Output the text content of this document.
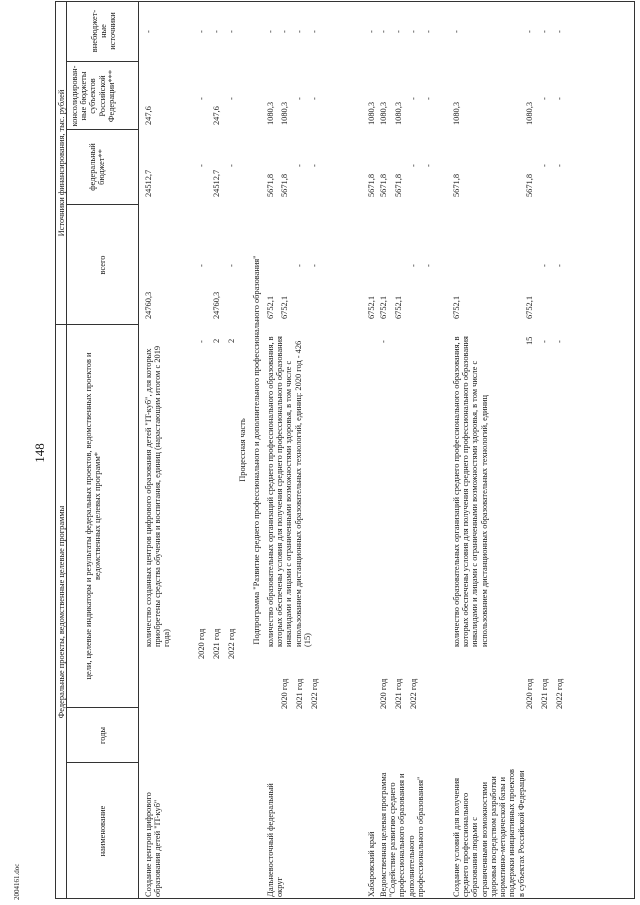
148
2004161.doc
Федеральные проекты, ведомственные целевые программы
Источники финансирования, тыс. рублей
наименование
годы
цели, целевые индикаторы и результаты федеральных проектов, ведомственных проектов и ведомственных целевых программ*
всего
федеральный бюджет**
консолидирован-ные бюджеты субъектов Российской Федерации***
внебюджет-ные источники
Создание центров цифрового образования детей "IT-куб"
количество созданных центров цифрового образования детей "IT-куб", для которых приобретены средства обучения и воспитания, единиц (нарастающим итогом с 2019 года)
24760,3
24512,7
247,6
-
2020 год 2021 год 2022 год
- 2 2
-
24760,3
-
-
24512,7
-
-
247,6
-
- - -
Процессная часть Подпрограмма "Развитие среднего профессионального и дополнительного профессионального образования"
Дальневосточный федеральный округ
количество образовательных организаций среднего профессионального образования, в которых обеспечены условия для получения среднего профессионального образования инвалидами и лицами с ограниченными возможностями здоровья, в том числе с использованием дистанционных образовательных технологий, единиц: 2020 год - 426 (15)
6752,1
5671,8
1080,3
-
2020 год 2021 год 2022 год
6752,1
5671,8
1080,3
-
-
-
-
-
-
-
-
-
Хабаровский край
6752,1
5671,8
1080,3
-
Ведомственная целевая программа "Содействие развитию среднего профессионального образования и дополнительного профессионального образования"
2020 год 2021 год 2022 год
-
6752,1
5671,8
1080,3
-
6752,1
5671,8
1080,3
-
-
-
-
-
-
-
-
-
Создание условий для получения среднего профессионального образования людьми с ограниченными возможностями здоровья посредством разработки нормативно-методической базы и поддержки инициативных проектов в субъектах Российской Федерации
количество образовательных организаций среднего профессионального образования, в которых обеспечены условия для получения среднего профессионального образования инвалидами и лицами с ограниченными возможностями здоровья, в том числе с использованием дистанционных образовательных технологий, единиц
6752,1
5671,8
1080,3
-
2020 год 2021 год 2022 год
15 - -
6752,1
5671,8
1080,3
-
-
-
-
-
-
-
-
-
